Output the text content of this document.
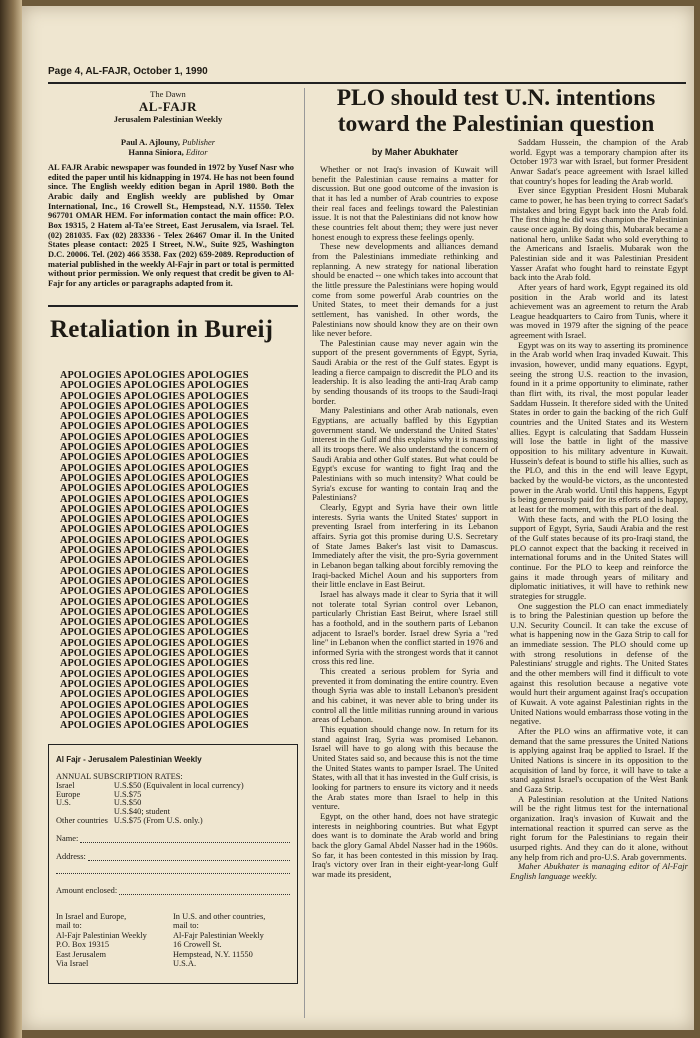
Page 4, AL-FAJR, October 1, 1990
The Dawn
AL-FAJR
Jerusalem Palestinian Weekly
Paul A. Ajlouny, Publisher
Hanna Siniora, Editor
AL FAJR Arabic newspaper was founded in 1972 by Yusef Nasr who edited the paper until his kidnapping in 1974. He has not been found since. The English weekly edition began in April 1980. Both the Arabic daily and English weekly are published by Omar International, Inc., 16 Crowell St., Hempstead, N.Y. 11550. Telex 967701 OMAR HEM. For information contact the main office: P.O. Box 19315, 2 Hatem al-Ta'ee Street, East Jerusalem, via Israel. Tel. (02) 281035. Fax (02) 283336 - Telex 26467 Omar il. In the United States please contact: 2025 I Street, N.W., Suite 925, Washington D.C. 20006. Tel. (202) 466 3538. Fax (202) 659-2089. Reproduction of material published in the weekly Al-Fajr in part or total is permitted without prior permission. We only request that credit be given to Al-Fajr for any articles or paragraphs adapted from it.
Retaliation in Bureij
APOLOGIES APOLOGIES APOLOGIES
APOLOGIES APOLOGIES APOLOGIES
APOLOGIES APOLOGIES APOLOGIES
APOLOGIES APOLOGIES APOLOGIES
APOLOGIES APOLOGIES APOLOGIES
APOLOGIES APOLOGIES APOLOGIES
APOLOGIES APOLOGIES APOLOGIES
APOLOGIES APOLOGIES APOLOGIES
APOLOGIES APOLOGIES APOLOGIES
APOLOGIES APOLOGIES APOLOGIES
APOLOGIES APOLOGIES APOLOGIES
APOLOGIES APOLOGIES APOLOGIES
APOLOGIES APOLOGIES APOLOGIES
APOLOGIES APOLOGIES APOLOGIES
APOLOGIES APOLOGIES APOLOGIES
APOLOGIES APOLOGIES APOLOGIES
APOLOGIES APOLOGIES APOLOGIES
APOLOGIES APOLOGIES APOLOGIES
APOLOGIES APOLOGIES APOLOGIES
APOLOGIES APOLOGIES APOLOGIES
APOLOGIES APOLOGIES APOLOGIES
APOLOGIES APOLOGIES APOLOGIES
APOLOGIES APOLOGIES APOLOGIES
APOLOGIES APOLOGIES APOLOGIES
APOLOGIES APOLOGIES APOLOGIES
APOLOGIES APOLOGIES APOLOGIES
APOLOGIES APOLOGIES APOLOGIES
APOLOGIES APOLOGIES APOLOGIES
APOLOGIES APOLOGIES APOLOGIES
APOLOGIES APOLOGIES APOLOGIES
APOLOGIES APOLOGIES APOLOGIES
APOLOGIES APOLOGIES APOLOGIES
APOLOGIES APOLOGIES APOLOGIES
APOLOGIES APOLOGIES APOLOGIES
APOLOGIES APOLOGIES APOLOGIES
Al Fajr - Jerusalem Palestinian Weekly
ANNUAL SUBSCRIPTION RATES:
Israel	U.S.$50 (Equivalent in local currency)
Europe	U.S.$75
U.S.	U.S.$50
	U.S.$40; student
Other countries	U.S.$75 (From U.S. only.)
Name:
Address:
Amount enclosed:
In Israel and Europe,
mail to:
Al-Fajr Palestinian Weekly
P.O. Box 19315
East Jerusalem
Via Israel
In U.S. and other countries,
mail to:
Al-Fajr Palestinian Weekly
16 Crowell St.
Hempstead, N.Y. 11550
U.S.A.
PLO should test U.N. intentions
toward the Palestinian question
by Maher Abukhater

Whether or not Iraq's invasion of Kuwait will benefit the Palestinian cause remains a matter for discussion. But one good outcome of the invasion is that it has led a number of Arab countries to expose their real faces and feelings toward the Palestinian issue. It is not that the Palestinians did not know how these countries felt about them; they were just never honest enough to express these feelings openly.

These new developments and alliances demand from the Palestinians immediate rethinking and replanning. A new strategy for national liberation should be enacted -- one which takes into account that the little pressure the Palestinians were hoping would come from some powerful Arab countries on the United States, to meet their demands for a just settlement, has vanished. In other words, the Palestinians now should know they are on their own like never before.

The Palestinian cause may never again win the support of the present governments of Egypt, Syria, Saudi Arabia or the rest of the Gulf states. Egypt is leading a fierce campaign to discredit the PLO and its leadership. It is also leading the anti-Iraq Arab camp by sending thousands of its troops to the Saudi-Iraqi border.

Many Palestinians and other Arab nationals, even Egyptians, are actually baffled by this Egyptian government stand. We understand the United States' interest in the Gulf and this explains why it is massing all its troops there. We also understand the concern of Saudi Arabia and other Gulf states. But what could be Egypt's excuse for wanting to fight Iraq and the Palestinians with so much intensity? What could be Syria's excuse for wanting to contain Iraq and the Palestinians?

Clearly, Egypt and Syria have their own little interests. Syria wants the United States' support in preventing Israel from interfering in its Lebanon affairs. Syria got this promise during U.S. Secretary of State James Baker's last visit to Damascus. Immediately after the visit, the pro-Syria government in Lebanon began talking about forcibly removing the Iraqi-backed Michel Aoun and his supporters from their little enclave in East Beirut.

Israel has always made it clear to Syria that it will not tolerate total Syrian control over Lebanon, particularly Christian East Beirut, where Israel still has a foothold, and in the southern parts of Lebanon adjacent to Israel's border. Israel drew Syria a "red line" in Lebanon when the conflict started in 1976 and informed Syria with the strongest words that it cannot cross this red line.

This created a serious problem for Syria and prevented it from dominating the entire country. Even though Syria was able to install Lebanon's president and his cabinet, it was never able to bring under its control all the little militias running around in various areas of Lebanon.

This equation should change now. In return for its stand against Iraq, Syria was promised Lebanon. Israel will have to go along with this because the United States said so, and because this is not the time the United States wants to pamper Israel. The United States, with all that it has invested in the Gulf crisis, is looking for partners to ensure its victory and it needs the Arab states more than Israel to help in this venture.

Egypt, on the other hand, does not have strategic interests in neighboring countries. But what Egypt does want is to dominate the Arab world and bring back the glory Gamal Abdel Nasser had in the 1960s. So far, it has been contested in this mission by Iraq. Iraq's victory over Iran in their eight-year-long Gulf war made its president,

Saddam Hussein, the champion of the Arab world. Egypt was a temporary champion after its October 1973 war with Israel, but former President Anwar Sadat's peace agreement with Israel killed that country's hopes for leading the Arab world.

Ever since Egyptian President Hosni Mubarak came to power, he has been trying to correct Sadat's mistakes and bring Egypt back into the Arab fold. The first thing he did was champion the Palestinian cause once again. By doing this, Mubarak became a national hero, unlike Sadat who sold everything to the Americans and Israelis. Mubarak won the Palestinian side and it was Palestinian President Yasser Arafat who fought hard to reinstate Egypt back into the Arab fold.

After years of hard work, Egypt regained its old position in the Arab world and its latest achievement was an agreement to return the Arab League headquarters to Cairo from Tunis, where it was moved in 1979 after the signing of the peace agreement with Israel.

Egypt was on its way to asserting its prominence in the Arab world when Iraq invaded Kuwait. This invasion, however, undid many equations. Egypt, seeing the strong U.S. reaction to the invasion, found in it a prime opportunity to eliminate, rather than flirt with, its rival, the most popular leader Saddam Hussein. It therefore sided with the United States in order to gain the backing of the rich Gulf countries and the United States and its Western allies. Egypt is calculating that Saddam Hussein will lose the battle in light of the massive opposition to his military adventure in Kuwait. Hussein's defeat is bound to stifle his allies, such as the PLO, and this in the end will leave Egypt, backed by the would-be victors, as the uncontested power in the Arab world. Until this happens, Egypt is being generously paid for its efforts and is happy, at least for the moment, with this part of the deal.

With these facts, and with the PLO losing the support of Egypt, Syria, Saudi Arabia and the rest of the Gulf states because of its pro-Iraqi stand, the PLO cannot expect that the backing it received in international forums and in the United States will continue. For the PLO to keep and reinforce the gains it made through years of military and diplomatic initiatives, it will have to rethink new strategies for struggle.

One suggestion the PLO can enact immediately is to bring the Palestinian question up before the U.N. Security Council. It can take the excuse of what is happening now in the Gaza Strip to call for an immediate session. The PLO should come up with strong resolutions in defense of the Palestinians' struggle and rights. The United States and the other members will find it difficult to vote against this resolution because a negative vote would hurt their argument against Iraq's occupation of Kuwait. A vote against Palestinian rights in the United Nations would embarrass those voting in the negative.

After the PLO wins an affirmative vote, it can demand that the same pressures the United Nations is applying against Iraq be applied to Israel. If the United Nations is sincere in its opposition to the acquisition of land by force, it will have to take a stand against Israel's occupation of the West Bank and Gaza Strip.

A Palestinian resolution at the United Nations will be the right litmus test for the international organization. Iraq's invasion of Kuwait and the international reaction it spurred can serve as the right forum for the Palestinians to regain their usurped rights. And they can do it alone, without any help from rich and pro-U.S. Arab governments.

Maher Abukhater is managing editor of Al-Fajr English language weekly.
